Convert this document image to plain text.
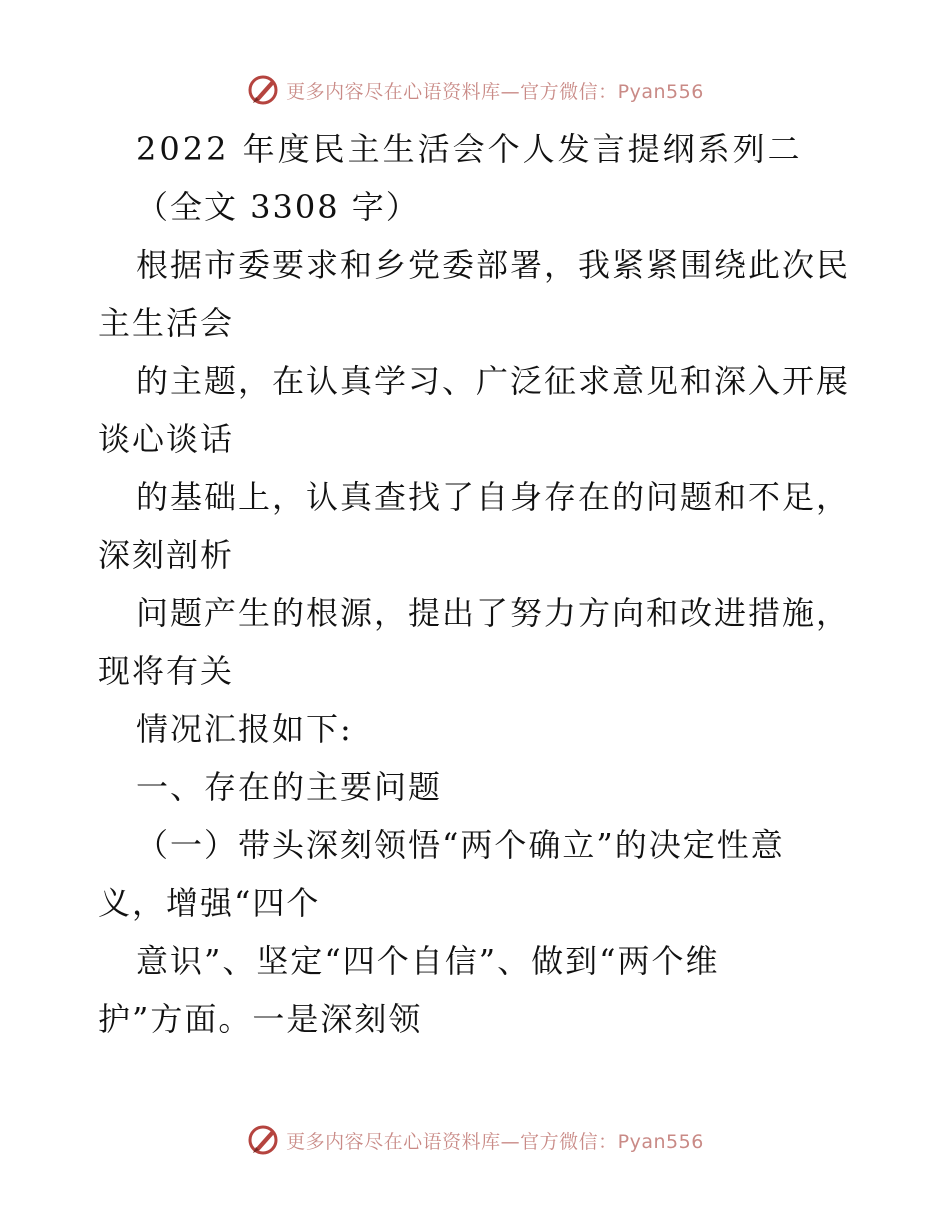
更多内容尽在心语资料库—官方微信：Pyan556
2022 年度民主生活会个人发言提纲系列二
（全文 3308 字）
根据市委要求和乡党委部署，我紧紧围绕此次民
主生活会
的主题，在认真学习、广泛征求意见和深入开展
谈心谈话
的基础上，认真查找了自身存在的问题和不足，
深刻剖析
问题产生的根源，提出了努力方向和改进措施，
现将有关
情况汇报如下:
一、存在的主要问题
（一）带头深刻领悟“两个确立”的决定性意
义，增强“四个
意识”、坚定“四个自信”、做到“两个维
护”方面。一是深刻领
更多内容尽在心语资料库—官方微信：Pyan556
